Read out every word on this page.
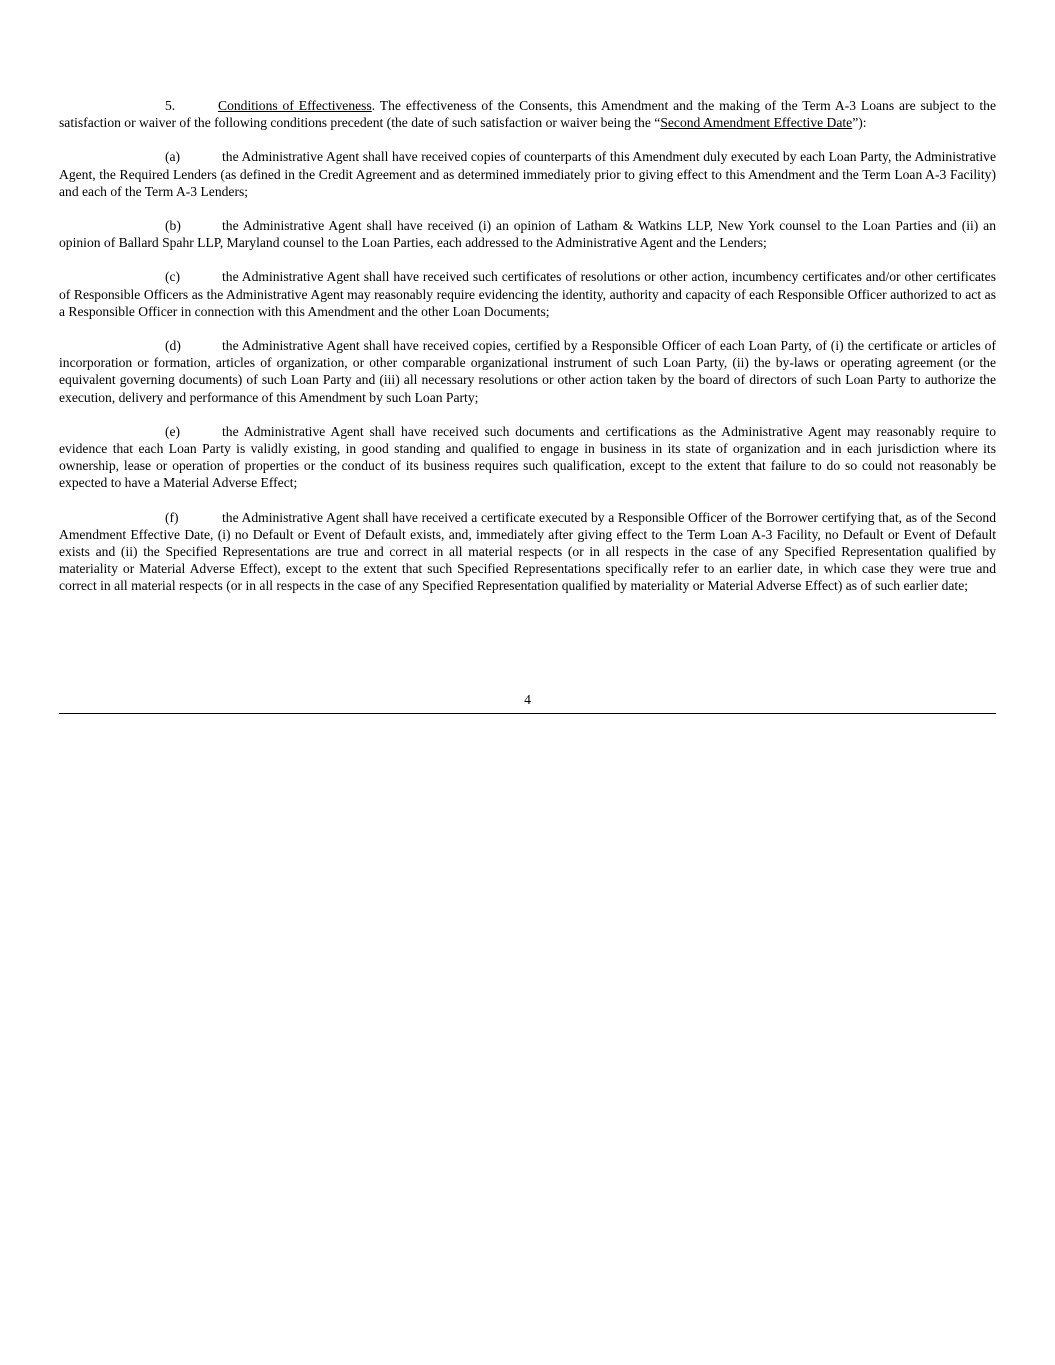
5.	Conditions of Effectiveness. The effectiveness of the Consents, this Amendment and the making of the Term A-3 Loans are subject to the satisfaction or waiver of the following conditions precedent (the date of such satisfaction or waiver being the “Second Amendment Effective Date”):

(a)	the Administrative Agent shall have received copies of counterparts of this Amendment duly executed by each Loan Party, the Administrative Agent, the Required Lenders (as defined in the Credit Agreement and as determined immediately prior to giving effect to this Amendment and the Term Loan A-3 Facility) and each of the Term A-3 Lenders;

(b)	the Administrative Agent shall have received (i) an opinion of Latham & Watkins LLP, New York counsel to the Loan Parties and (ii) an opinion of Ballard Spahr LLP, Maryland counsel to the Loan Parties, each addressed to the Administrative Agent and the Lenders;

(c)	the Administrative Agent shall have received such certificates of resolutions or other action, incumbency certificates and/or other certificates of Responsible Officers as the Administrative Agent may reasonably require evidencing the identity, authority and capacity of each Responsible Officer authorized to act as a Responsible Officer in connection with this Amendment and the other Loan Documents;

(d)	the Administrative Agent shall have received copies, certified by a Responsible Officer of each Loan Party, of (i) the certificate or articles of incorporation or formation, articles of organization, or other comparable organizational instrument of such Loan Party, (ii) the by-laws or operating agreement (or the equivalent governing documents) of such Loan Party and (iii) all necessary resolutions or other action taken by the board of directors of such Loan Party to authorize the execution, delivery and performance of this Amendment by such Loan Party;

(e)	the Administrative Agent shall have received such documents and certifications as the Administrative Agent may reasonably require to evidence that each Loan Party is validly existing, in good standing and qualified to engage in business in its state of organization and in each jurisdiction where its ownership, lease or operation of properties or the conduct of its business requires such qualification, except to the extent that failure to do so could not reasonably be expected to have a Material Adverse Effect;

(f)	the Administrative Agent shall have received a certificate executed by a Responsible Officer of the Borrower certifying that, as of the Second Amendment Effective Date, (i) no Default or Event of Default exists, and, immediately after giving effect to the Term Loan A-3 Facility, no Default or Event of Default exists and (ii) the Specified Representations are true and correct in all material respects (or in all respects in the case of any Specified Representation qualified by materiality or Material Adverse Effect), except to the extent that such Specified Representations specifically refer to an earlier date, in which case they were true and correct in all material respects (or in all respects in the case of any Specified Representation qualified by materiality or Material Adverse Effect) as of such earlier date;

4
